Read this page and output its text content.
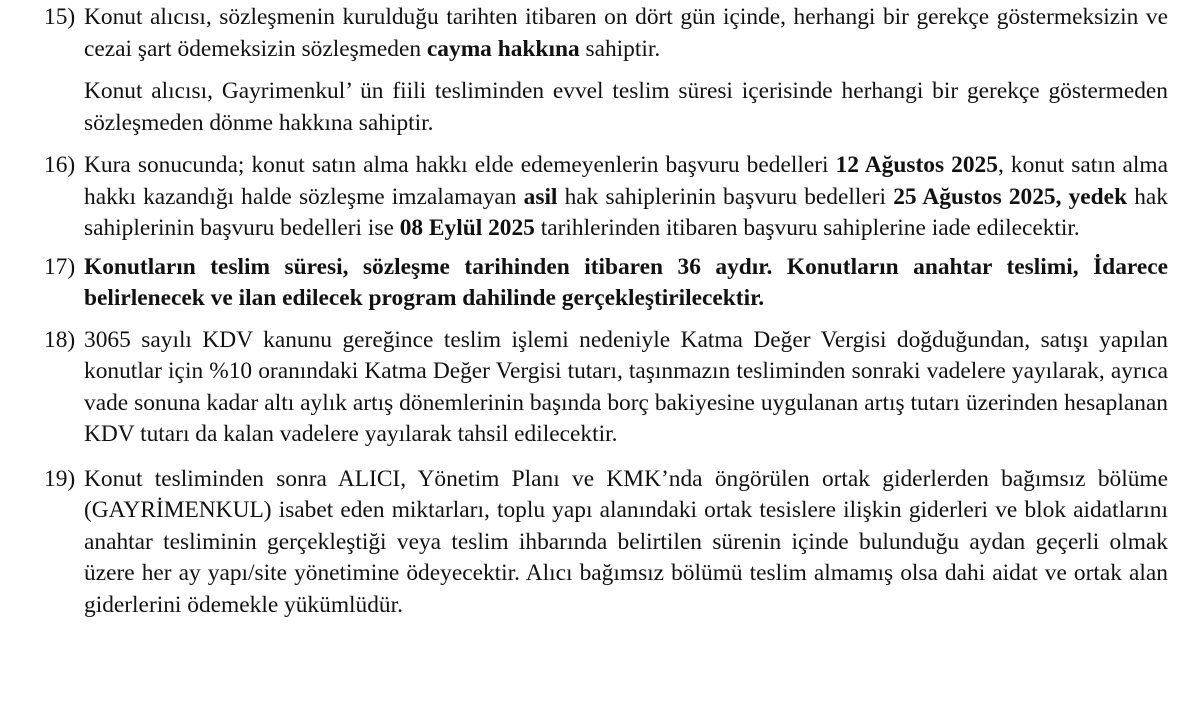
15) Konut alıcısı, sözleşmenin kurulduğu tarihten itibaren on dört gün içinde, herhangi bir gerekçe göstermeksizin ve cezai şart ödemeksizin sözleşmeden cayma hakkına sahiptir.
Konut alıcısı, Gayrimenkul’ ün fiili tesliminden evvel teslim süresi içerisinde herhangi bir gerekçe göstermeden sözleşmeden dönme hakkına sahiptir.
16) Kura sonucunda; konut satın alma hakkı elde edemeyenlerin başvuru bedelleri 12 Ağustos 2025, konut satın alma hakkı kazandığı halde sözleşme imzalamayan asil hak sahiplerinin başvuru bedelleri 25 Ağustos 2025, yedek hak sahiplerinin başvuru bedelleri ise 08 Eylül 2025 tarihlerinden itibaren başvuru sahiplerine iade edilecektir.
17) Konutların teslim süresi, sözleşme tarihinden itibaren 36 aydır. Konutların anahtar teslimi, İdarece belirlenecek ve ilan edilecek program dahilinde gerçekleştirilecektir.
18) 3065 sayılı KDV kanunu gereğince teslim işlemi nedeniyle Katma Değer Vergisi doğduğundan, satışı yapılan konutlar için %10 oranındaki Katma Değer Vergisi tutarı, taşınmazın tesliminden sonraki vadelere yayılarak, ayrıca vade sonuna kadar altı aylık artış dönemlerinin başında borç bakiyesine uygulanan artış tutarı üzerinden hesaplanan KDV tutarı da kalan vadelere yayılarak tahsil edilecektir.
19) Konut tesliminden sonra ALICI, Yönetim Planı ve KMK’nda öngörülen ortak giderlerden bağımsız bölüme (GAYRİMENKUL) isabet eden miktarları, toplu yapı alanındaki ortak tesislere ilişkin giderleri ve blok aidatlarını anahtar tesliminin gerçekleştiği veya teslim ihbarında belirtilen sürenin içinde bulunduğu aydan geçerli olmak üzere her ay yapı/site yönetimine ödeyecektir. Alıcı bağımsız bölümü teslim almamış olsa dahi aidat ve ortak alan giderlerini ödemekle yükümlüdür.
